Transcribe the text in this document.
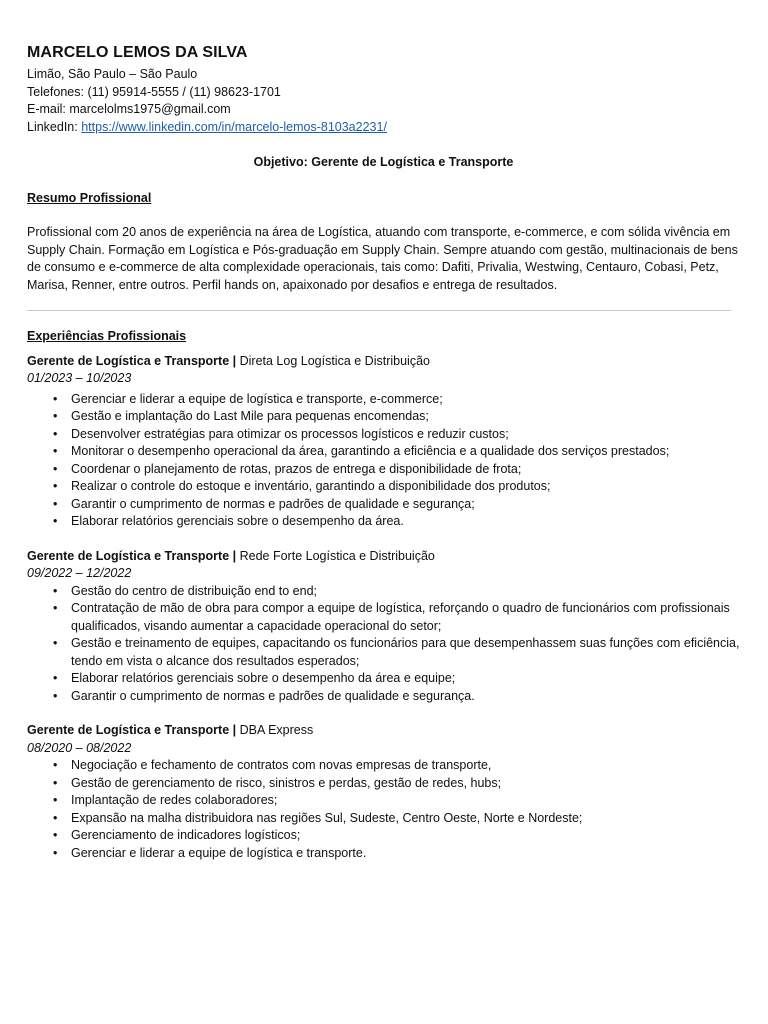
MARCELO LEMOS DA SILVA

Limão, São Paulo – São Paulo

Telefones: (11) 95914-5555 / (11) 98623-1701

E-mail: marcelolms1975@gmail.com

LinkedIn: https://www.linkedin.com/in/marcelo-lemos-8103a2231/

Objetivo: Gerente de Logística e Transporte

Resumo Profissional

Profissional com 20 anos de experiência na área de Logística, atuando com transporte, e-commerce, e com sólida vivência em Supply Chain. Formação em Logística e Pós-graduação em Supply Chain. Sempre atuando com gestão, multinacionais de bens de consumo e e-commerce de alta complexidade operacionais, tais como: Dafiti, Privalia, Westwing, Centauro, Cobasi, Petz, Marisa, Renner, entre outros. Perfil hands on, apaixonado por desafios e entrega de resultados.

Experiências Profissionais

Gerente de Logística e Transporte | Direta Log Logística e Distribuição

01/2023 – 10/2023

• Gerenciar e liderar a equipe de logística e transporte, e-commerce;
• Gestão e implantação do Last Mile para pequenas encomendas;
• Desenvolver estratégias para otimizar os processos logísticos e reduzir custos;
• Monitorar o desempenho operacional da área, garantindo a eficiência e a qualidade dos serviços prestados;
• Coordenar o planejamento de rotas, prazos de entrega e disponibilidade de frota;
• Realizar o controle do estoque e inventário, garantindo a disponibilidade dos produtos;
• Garantir o cumprimento de normas e padrões de qualidade e segurança;
• Elaborar relatórios gerenciais sobre o desempenho da área.

Gerente de Logística e Transporte | Rede Forte Logística e Distribuição

09/2022 – 12/2022

• Gestão do centro de distribuição end to end;
• Contratação de mão de obra para compor a equipe de logística, reforçando o quadro de funcionários com profissionais qualificados, visando aumentar a capacidade operacional do setor;
• Gestão e treinamento de equipes, capacitando os funcionários para que desempenhassem suas funções com eficiência, tendo em vista o alcance dos resultados esperados;
• Elaborar relatórios gerenciais sobre o desempenho da área e equipe;
• Garantir o cumprimento de normas e padrões de qualidade e segurança.

Gerente de Logística e Transporte | DBA Express

08/2020 – 08/2022

• Negociação e fechamento de contratos com novas empresas de transporte,
• Gestão de gerenciamento de risco, sinistros e perdas, gestão de redes, hubs;
• Implantação de redes colaboradores;
• Expansão na malha distribuidora nas regiões Sul, Sudeste, Centro Oeste, Norte e Nordeste;
• Gerenciamento de indicadores logísticos;
• Gerenciar e liderar a equipe de logística e transporte.
